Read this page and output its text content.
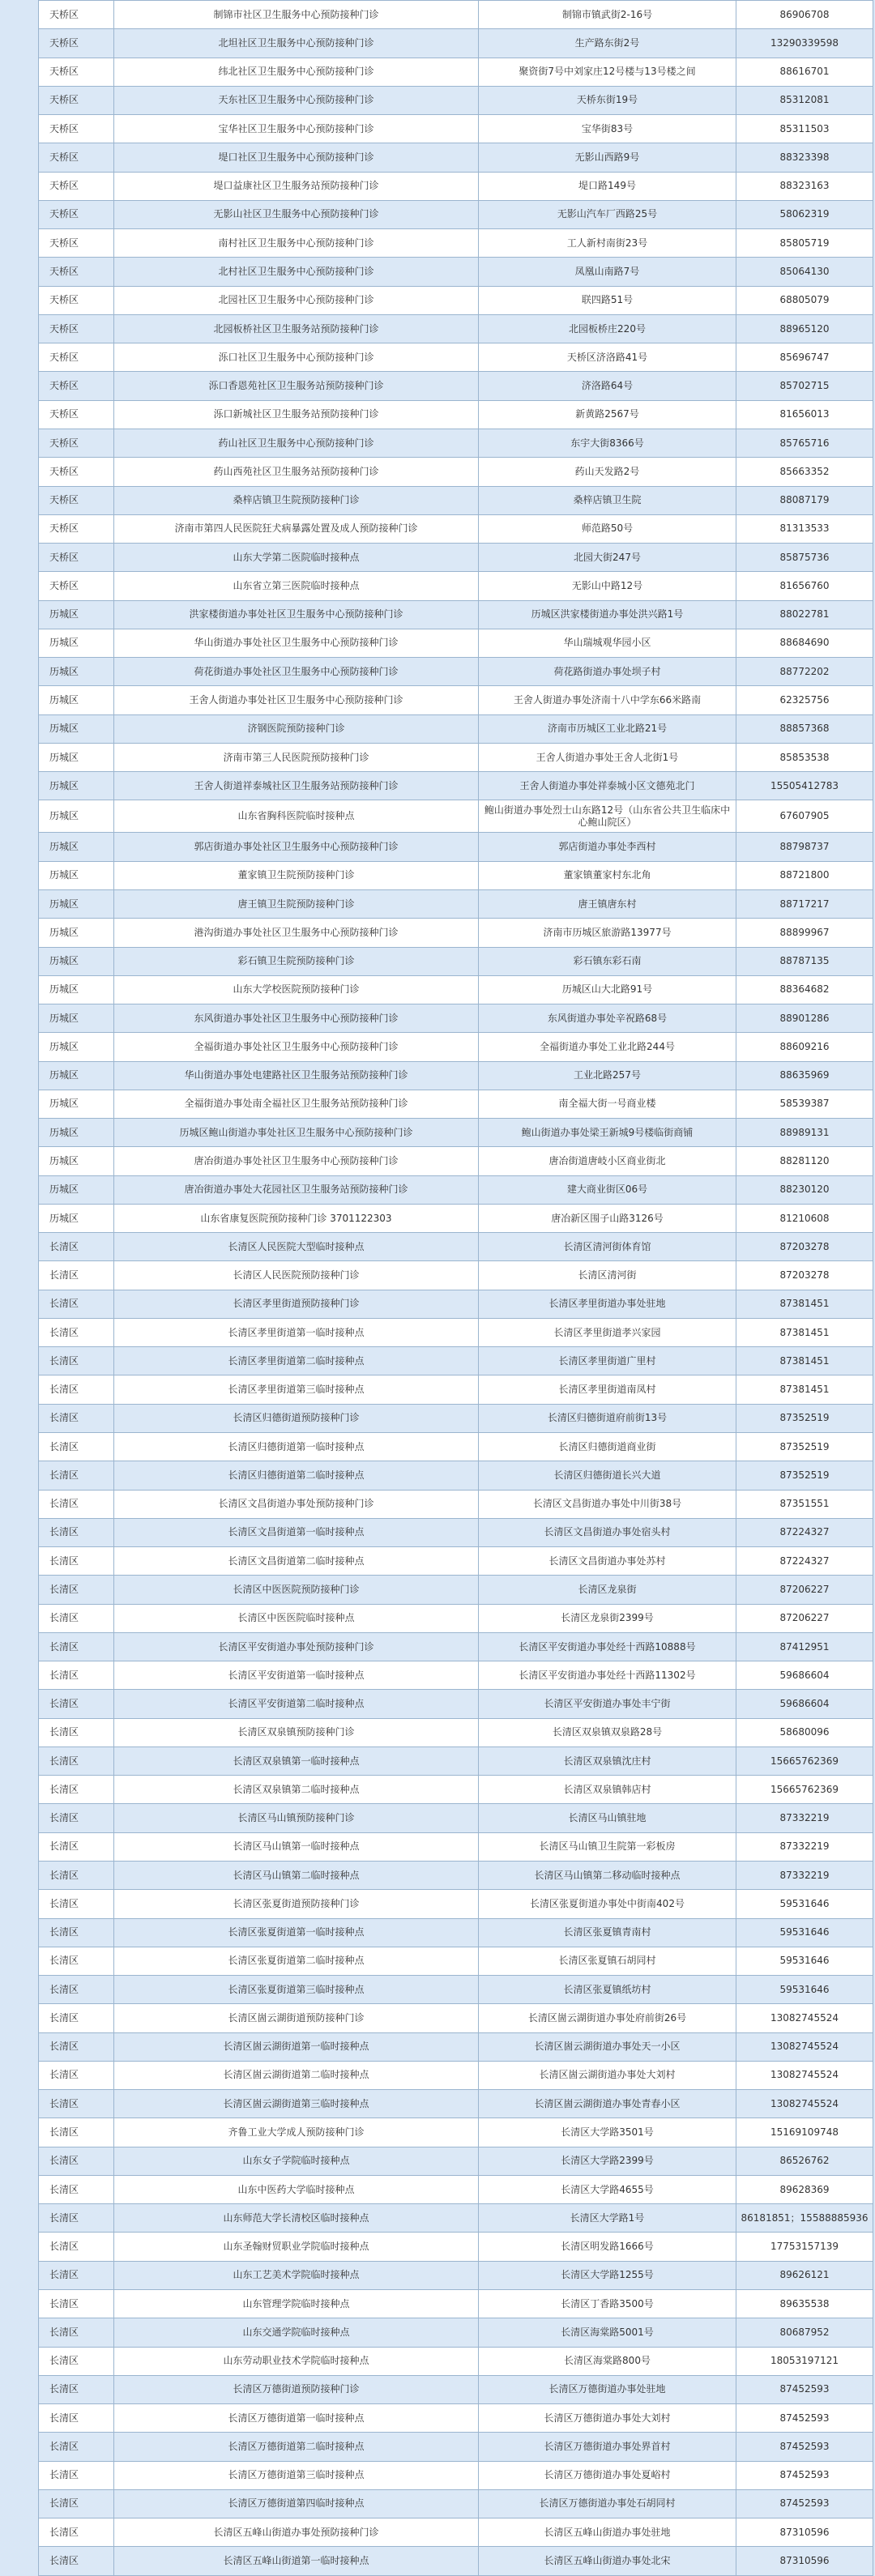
天桥区	制锦市社区卫生服务中心预防接种门诊	制锦市镇武街2-16号	86906708
天桥区	北坦社区卫生服务中心预防接种门诊	生产路东街2号	13290339598
天桥区	纬北社区卫生服务中心预防接种门诊	聚资街7号中刘家庄12号楼与13号楼之间	88616701
天桥区	天东社区卫生服务中心预防接种门诊	天桥东街19号	85312081
天桥区	宝华社区卫生服务中心预防接种门诊	宝华街83号	85311503
天桥区	堤口社区卫生服务中心预防接种门诊	无影山西路9号	88323398
天桥区	堤口益康社区卫生服务站预防接种门诊	堤口路149号	88323163
天桥区	无影山社区卫生服务中心预防接种门诊	无影山汽车厂西路25号	58062319
天桥区	南村社区卫生服务中心预防接种门诊	工人新村南街23号	85805719
天桥区	北村社区卫生服务中心预防接种门诊	凤凰山南路7号	85064130
天桥区	北园社区卫生服务中心预防接种门诊	联四路51号	68805079
天桥区	北园板桥社区卫生服务站预防接种门诊	北园板桥庄220号	88965120
天桥区	泺口社区卫生服务中心预防接种门诊	天桥区济洛路41号	85696747
天桥区	泺口香恩苑社区卫生服务站预防接种门诊	济洛路64号	85702715
天桥区	泺口新城社区卫生服务站预防接种门诊	新黄路2567号	81656013
天桥区	药山社区卫生服务中心预防接种门诊	东宇大街8366号	85765716
天桥区	药山西苑社区卫生服务站预防接种门诊	药山天发路2号	85663352
天桥区	桑梓店镇卫生院预防接种门诊	桑梓店镇卫生院	88087179
天桥区	济南市第四人民医院狂犬病暴露处置及成人预防接种门诊	师范路50号	81313533
天桥区	山东大学第二医院临时接种点	北园大街247号	85875736
天桥区	山东省立第三医院临时接种点	无影山中路12号	81656760
历城区	洪家楼街道办事处社区卫生服务中心预防接种门诊	历城区洪家楼街道办事处洪兴路1号	88022781
历城区	华山街道办事处社区卫生服务中心预防接种门诊	华山瑞城观华园小区	88684690
历城区	荷花街道办事处社区卫生服务中心预防接种门诊	荷花路街道办事处坝子村	88772202
历城区	王舍人街道办事处社区卫生服务中心预防接种门诊	王舍人街道办事处济南十八中学东66米路南	62325756
历城区	济钢医院预防接种门诊	济南市历城区工业北路21号	88857368
历城区	济南市第三人民医院预防接种门诊	王舍人街道办事处王舍人北街1号	85853538
历城区	王舍人街道祥泰城社区卫生服务站预防接种门诊	王舍人街道办事处祥泰城小区文德苑北门	15505412783
历城区	山东省胸科医院临时接种点	鲍山街道办事处烈士山东路12号（山东省公共卫生临床中心鲍山院区）	67607905
历城区	郭店街道办事处社区卫生服务中心预防接种门诊	郭店街道办事处李西村	88798737
历城区	董家镇卫生院预防接种门诊	董家镇董家村东北角	88721800
历城区	唐王镇卫生院预防接种门诊	唐王镇唐东村	88717217
历城区	港沟街道办事处社区卫生服务中心预防接种门诊	济南市历城区旅游路13977号	88899967
历城区	彩石镇卫生院预防接种门诊	彩石镇东彩石南	88787135
历城区	山东大学校医院预防接种门诊	历城区山大北路91号	88364682
历城区	东风街道办事处社区卫生服务中心预防接种门诊	东风街道办事处辛祝路68号	88901286
历城区	全福街道办事处社区卫生服务中心预防接种门诊	全福街道办事处工业北路244号	88609216
历城区	华山街道办事处电建路社区卫生服务站预防接种门诊	工业北路257号	88635969
历城区	全福街道办事处南全福社区卫生服务站预防接种门诊	南全福大街一号商业楼	58539387
历城区	历城区鲍山街道办事处社区卫生服务中心预防接种门诊	鲍山街道办事处梁王新城9号楼临街商铺	88989131
历城区	唐冶街道办事处社区卫生服务中心预防接种门诊	唐冶街道唐岐小区商业街北	88281120
历城区	唐冶街道办事处大花园社区卫生服务站预防接种门诊	建大商业街区06号	88230120
历城区	山东省康复医院预防接种门诊 3701122303	唐冶新区围子山路3126号	81210608
长清区	长清区人民医院大型临时接种点	长清区清河街体育馆	87203278
长清区	长清区人民医院预防接种门诊	长清区清河街	87203278
长清区	长清区孝里街道预防接种门诊	长清区孝里街道办事处驻地	87381451
长清区	长清区孝里街道第一临时接种点	长清区孝里街道孝兴家园	87381451
长清区	长清区孝里街道第二临时接种点	长清区孝里街道广里村	87381451
长清区	长清区孝里街道第三临时接种点	长清区孝里街道南凤村	87381451
长清区	长清区归德街道预防接种门诊	长清区归德街道府前街13号	87352519
长清区	长清区归德街道第一临时接种点	长清区归德街道商业街	87352519
长清区	长清区归德街道第二临时接种点	长清区归德街道长兴大道	87352519
长清区	长清区文昌街道办事处预防接种门诊	长清区文昌街道办事处中川街38号	87351551
长清区	长清区文昌街道第一临时接种点	长清区文昌街道办事处宿头村	87224327
长清区	长清区文昌街道第二临时接种点	长清区文昌街道办事处苏村	87224327
长清区	长清区中医医院预防接种门诊	长清区龙泉街	87206227
长清区	长清区中医医院临时接种点	长清区龙泉街2399号	87206227
长清区	长清区平安街道办事处预防接种门诊	长清区平安街道办事处经十西路10888号	87412951
长清区	长清区平安街道第一临时接种点	长清区平安街道办事处经十西路11302号	59686604
长清区	长清区平安街道第二临时接种点	长清区平安街道办事处丰宁街	59686604
长清区	长清区双泉镇预防接种门诊	长清区双泉镇双泉路28号	58680096
长清区	长清区双泉镇第一临时接种点	长清区双泉镇沈庄村	15665762369
长清区	长清区双泉镇第二临时接种点	长清区双泉镇韩店村	15665762369
长清区	长清区马山镇预防接种门诊	长清区马山镇驻地	87332219
长清区	长清区马山镇第一临时接种点	长清区马山镇卫生院第一彩板房	87332219
长清区	长清区马山镇第二临时接种点	长清区马山镇第二移动临时接种点	87332219
长清区	长清区张夏街道预防接种门诊	长清区张夏街道办事处中街南402号	59531646
长清区	长清区张夏街道第一临时接种点	长清区张夏镇青南村	59531646
长清区	长清区张夏街道第二临时接种点	长清区张夏镇石胡同村	59531646
长清区	长清区张夏街道第三临时接种点	长清区张夏镇纸坊村	59531646
长清区	长清区崮云湖街道预防接种门诊	长清区崮云湖街道办事处府前街26号	13082745524
长清区	长清区崮云湖街道第一临时接种点	长清区崮云湖街道办事处天一小区	13082745524
长清区	长清区崮云湖街道第二临时接种点	长清区崮云湖街道办事处大刘村	13082745524
长清区	长清区崮云湖街道第三临时接种点	长清区崮云湖街道办事处青春小区	13082745524
长清区	齐鲁工业大学成人预防接种门诊	长清区大学路3501号	15169109748
长清区	山东女子学院临时接种点	长清区大学路2399号	86526762
长清区	山东中医药大学临时接种点	长清区大学路4655号	89628369
长清区	山东师范大学长清校区临时接种点	长清区大学路1号	86181851；15588885936
长清区	山东圣翰财贸职业学院临时接种点	长清区明发路1666号	17753157139
长清区	山东工艺美术学院临时接种点	长清区大学路1255号	89626121
长清区	山东管理学院临时接种点	长清区丁香路3500号	89635538
长清区	山东交通学院临时接种点	长清区海棠路5001号	80687952
长清区	山东劳动职业技术学院临时接种点	长清区海棠路800号	18053197121
长清区	长清区万德街道预防接种门诊	长清区万德街道办事处驻地	87452593
长清区	长清区万德街道第一临时接种点	长清区万德街道办事处大刘村	87452593
长清区	长清区万德街道第二临时接种点	长清区万德街道办事处界首村	87452593
长清区	长清区万德街道第三临时接种点	长清区万德街道办事处夏峪村	87452593
长清区	长清区万德街道第四临时接种点	长清区万德街道办事处石胡同村	87452593
长清区	长清区五峰山街道办事处预防接种门诊	长清区五峰山街道办事处驻地	87310596
长清区	长清区五峰山街道第一临时接种点	长清区五峰山街道办事处北宋	87310596
